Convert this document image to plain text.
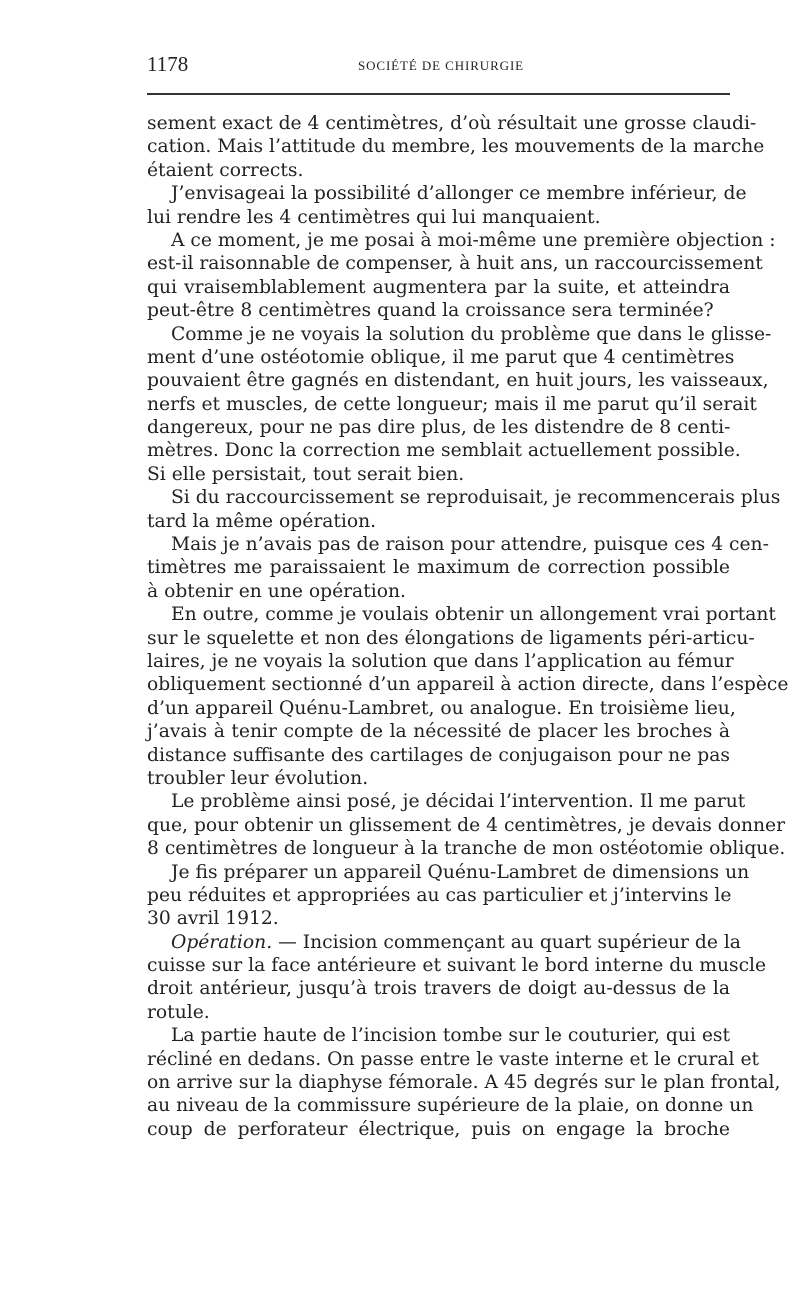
1178	SOCIÉTÉ DE CHIRURGIE
sement exact de 4 centimètres, d’où résultait une grosse claudi-
cation. Mais l’attitude du membre, les mouvements de la marche
étaient corrects.
J’envisageai la possibilité d’allonger ce membre inférieur, de
lui rendre les 4 centimètres qui lui manquaient.
A ce moment, je me posai à moi-même une première objection :
est-il raisonnable de compenser, à huit ans, un raccourcissement
qui vraisemblablement augmentera par la suite, et atteindra
peut-être 8 centimètres quand la croissance sera terminée?
Comme je ne voyais la solution du problème que dans le glisse-
ment d’une ostéotomie oblique, il me parut que 4 centimètres
pouvaient être gagnés en distendant, en huit jours, les vaisseaux,
nerfs et muscles, de cette longueur; mais il me parut qu’il serait
dangereux, pour ne pas dire plus, de les distendre de 8 centi-
mètres. Donc la correction me semblait actuellement possible.
Si elle persistait, tout serait bien.
Si du raccourcissement se reproduisait, je recommencerais plus
tard la même opération.
Mais je n’avais pas de raison pour attendre, puisque ces 4 cen-
timètres me paraissaient le maximum de correction possible
à obtenir en une opération.
En outre, comme je voulais obtenir un allongement vrai portant
sur le squelette et non des élongations de ligaments péri-articu-
laires, je ne voyais la solution que dans l’application au fémur
obliquement sectionné d’un appareil à action directe, dans l’espèce
d’un appareil Quénu-Lambret, ou analogue. En troisième lieu,
j’avais à tenir compte de la nécessité de placer les broches à
distance suffisante des cartilages de conjugaison pour ne pas
troubler leur évolution.
Le problème ainsi posé, je décidai l’intervention. Il me parut
que, pour obtenir un glissement de 4 centimètres, je devais donner
8 centimètres de longueur à la tranche de mon ostéotomie oblique.
Je fis préparer un appareil Quénu-Lambret de dimensions un
peu réduites et appropriées au cas particulier et j’intervins le
30 avril 1912.
Opération. — Incision commençant au quart supérieur de la
cuisse sur la face antérieure et suivant le bord interne du muscle
droit antérieur, jusqu’à trois travers de doigt au-dessus de la
rotule.
La partie haute de l’incision tombe sur le couturier, qui est
récliné en dedans. On passe entre le vaste interne et le crural et
on arrive sur la diaphyse fémorale. A 45 degrés sur le plan frontal,
au niveau de la commissure supérieure de la plaie, on donne un
coup de perforateur électrique, puis on engage la broche
